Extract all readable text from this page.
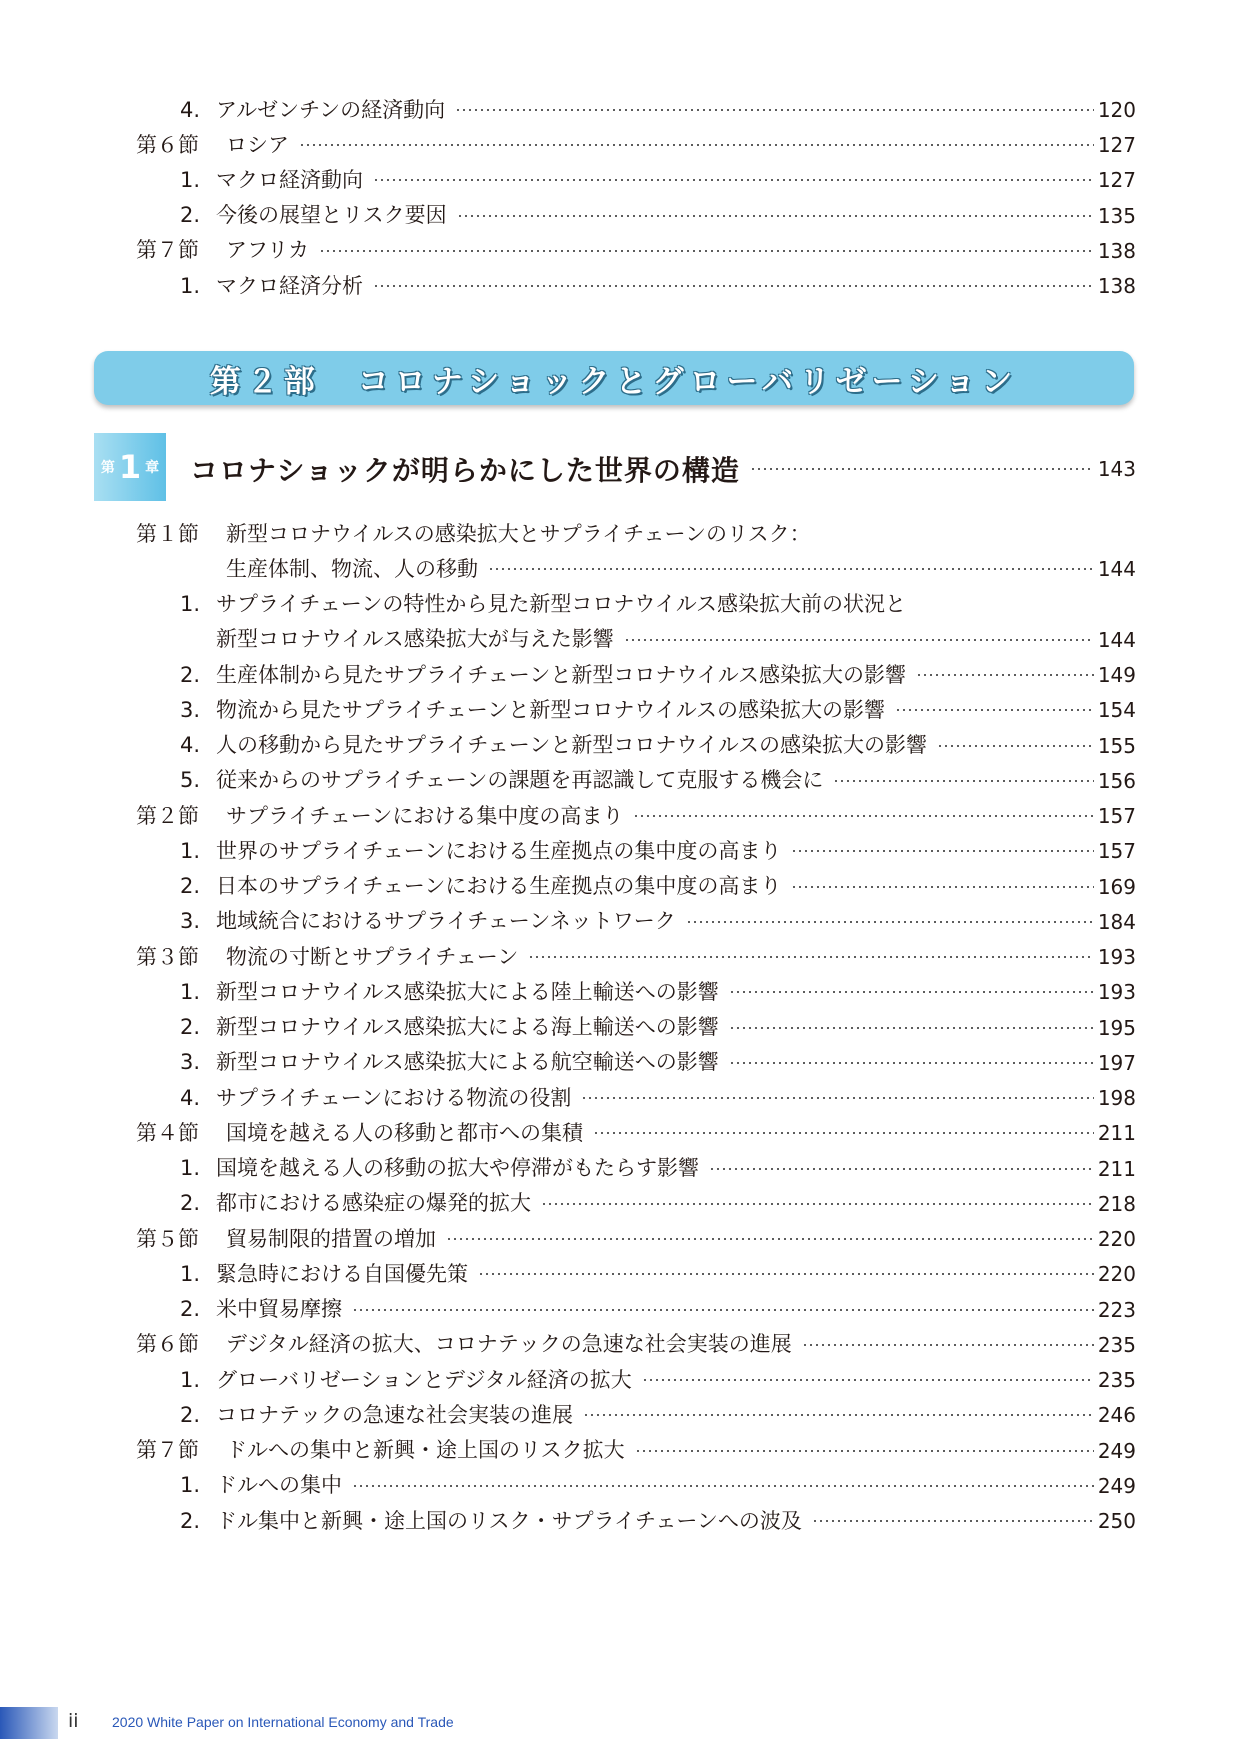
4. アルゼンチンの経済動向	120
第６節	ロシア	127
1. マクロ経済動向	127
2. 今後の展望とリスク要因	135
第７節	アフリカ	138
1. マクロ経済分析	138
第１節	新型コロナウイルスの感染拡大とサプライチェーンのリスク：
生産体制、物流、人の移動	144
1. サプライチェーンの特性から見た新型コロナウイルス感染拡大前の状況と
新型コロナウイルス感染拡大が与えた影響	144
2. 生産体制から見たサプライチェーンと新型コロナウイルス感染拡大の影響	149
3. 物流から見たサプライチェーンと新型コロナウイルスの感染拡大の影響	154
4. 人の移動から見たサプライチェーンと新型コロナウイルスの感染拡大の影響	155
5. 従来からのサプライチェーンの課題を再認識して克服する機会に	156
第２節	サプライチェーンにおける集中度の高まり	157
1. 世界のサプライチェーンにおける生産拠点の集中度の高まり	157
2. 日本のサプライチェーンにおける生産拠点の集中度の高まり	169
3. 地域統合におけるサプライチェーンネットワーク	184
第３節	物流の寸断とサプライチェーン	193
1. 新型コロナウイルス感染拡大による陸上輸送への影響	193
2. 新型コロナウイルス感染拡大による海上輸送への影響	195
3. 新型コロナウイルス感染拡大による航空輸送への影響	197
4. サプライチェーンにおける物流の役割	198
第４節	国境を越える人の移動と都市への集積	211
1. 国境を越える人の移動の拡大や停滞がもたらす影響	211
2. 都市における感染症の爆発的拡大	218
第５節	貿易制限的措置の増加	220
1. 緊急時における自国優先策	220
2. 米中貿易摩擦	223
第６節	デジタル経済の拡大、コロナテックの急速な社会実装の進展	235
1. グローバリゼーションとデジタル経済の拡大	235
2. コロナテックの急速な社会実装の進展	246
第７節	ドルへの集中と新興・途上国のリスク拡大	249
1. ドルへの集中	249
2. ドル集中と新興・途上国のリスク・サプライチェーンへの波及	250
第２部　コロナショックとグローバリゼーション
第 1 章 コロナショックが明らかにした世界の構造	143
ii 2020 White Paper on International Economy and Trade
